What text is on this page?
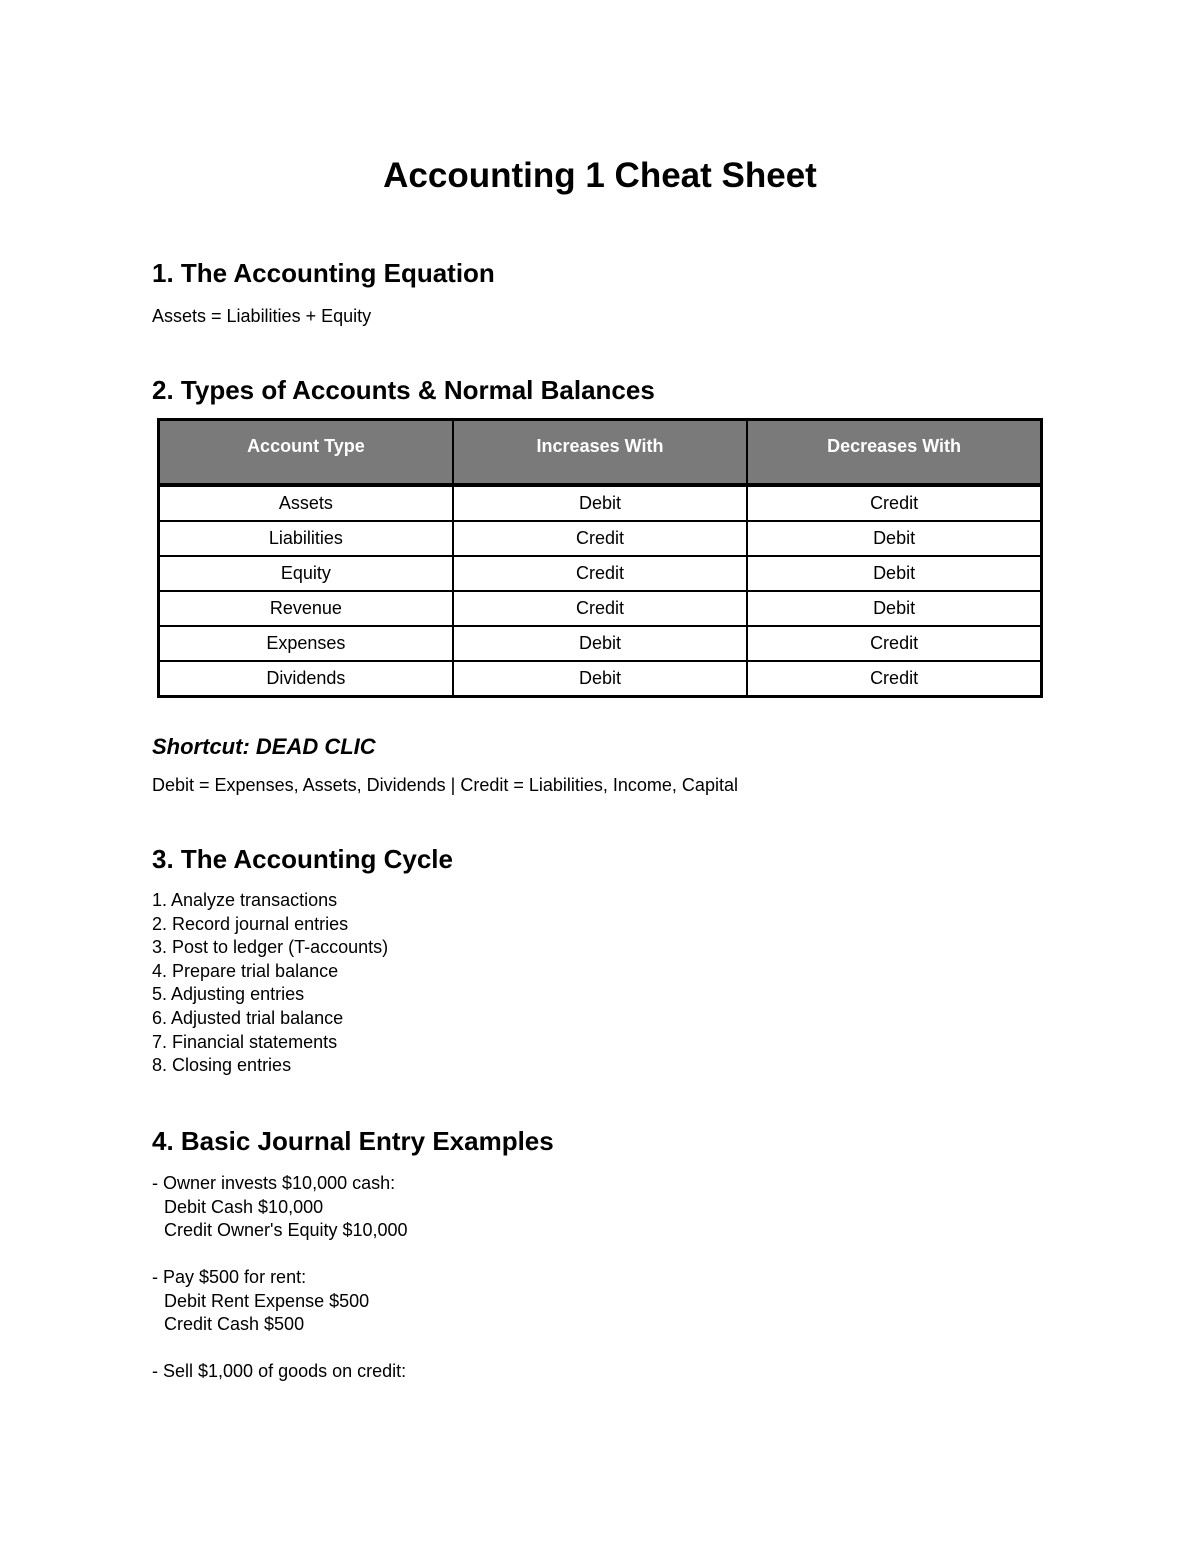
Accounting 1 Cheat Sheet
1. The Accounting Equation

Assets = Liabilities + Equity

2. Types of Accounts & Normal Balances
Account Type	Increases With	Decreases With
Assets	Debit	Credit
Liabilities	Credit	Debit
Equity	Credit	Debit
Revenue	Credit	Debit
Expenses	Debit	Credit
Dividends	Debit	Credit

Shortcut: DEAD CLIC

Debit = Expenses, Assets, Dividends | Credit = Liabilities, Income, Capital

3. The Accounting Cycle
1. Analyze transactions
2. Record journal entries
3. Post to ledger (T-accounts)
4. Prepare trial balance
5. Adjusting entries
6. Adjusted trial balance
7. Financial statements
8. Closing entries
4. Basic Journal Entry Examples
- Owner invests $10,000 cash:
Debit Cash $10,000
Credit Owner's Equity $10,000
- Pay $500 for rent:
Debit Rent Expense $500
Credit Cash $500
- Sell $1,000 of goods on credit:
